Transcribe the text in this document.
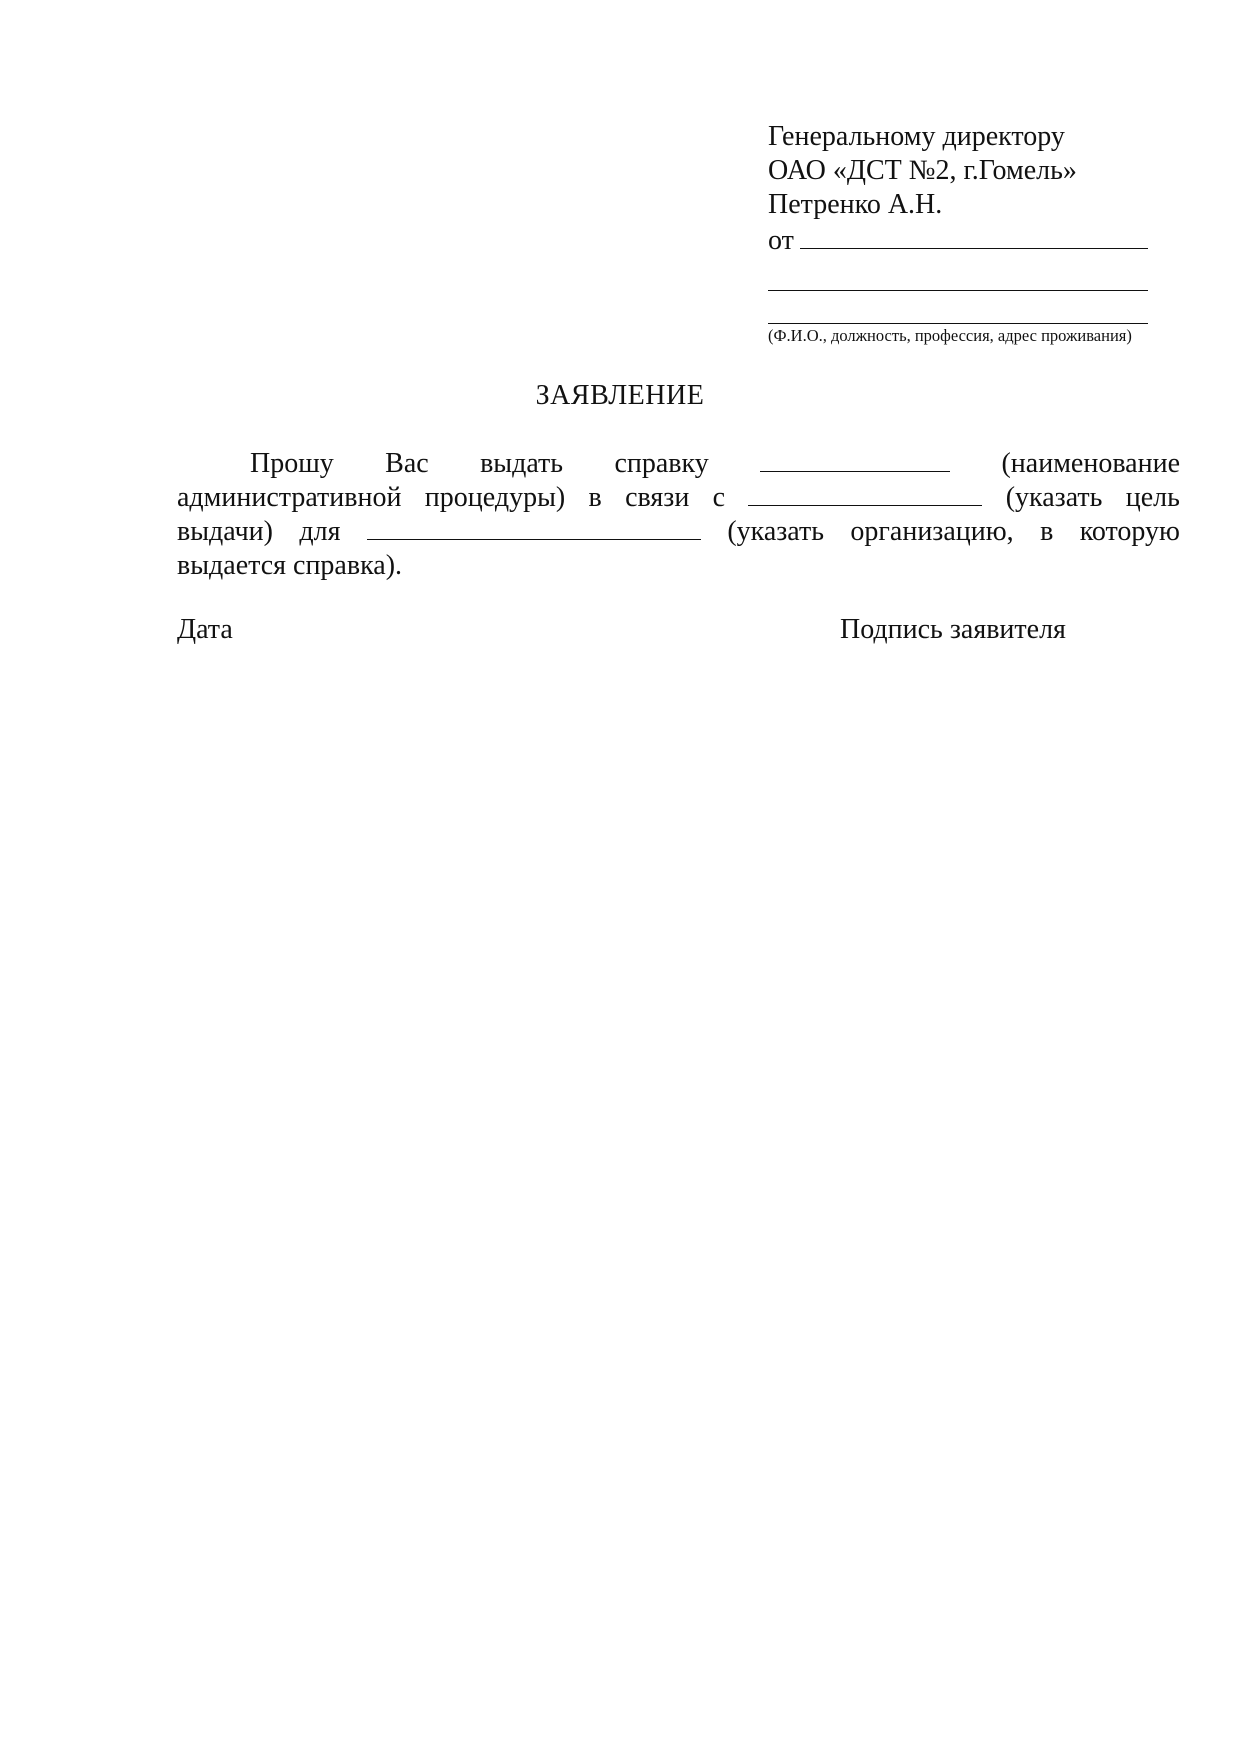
Генеральному директору
ОАО «ДСТ №2, г.Гомель»
Петренко А.Н.
от
(Ф.И.О., должность, профессия, адрес проживания)
ЗАЯВЛЕНИЕ
Прошу Вас выдать справку	(наименование
административной процедуры) в связи с	(указать цель
выдачи) для	(указать организацию, в которую
выдается справка).
Дата	Подпись заявителя
